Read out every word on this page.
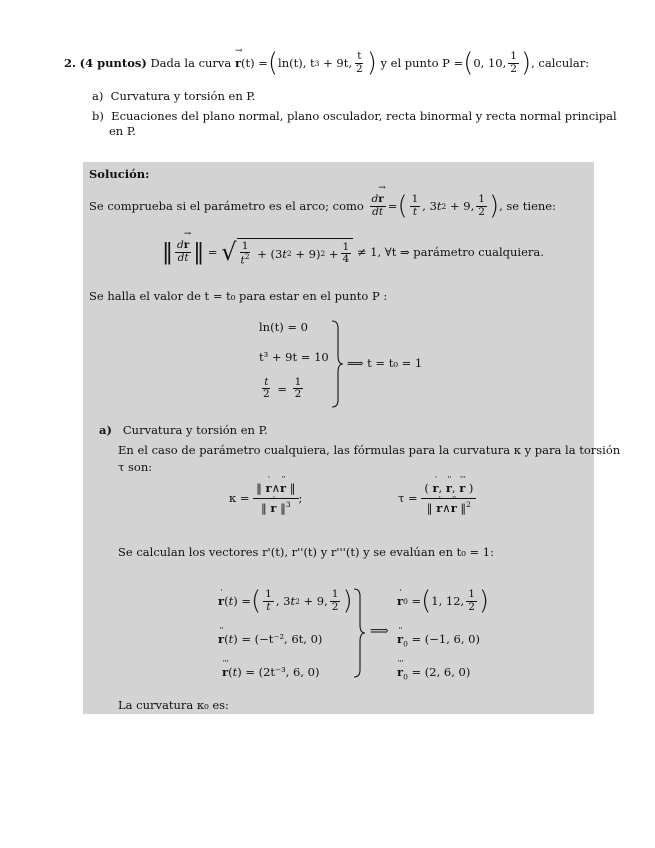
2.
(4 puntos)
Dada la curva

→
r (t) = ( ln(t), t 3
+ 9t, $\frac{t}{2}$ )
y el punto
P = ( 0, 10, $\frac{1}{2}$ ) , calcular:
a) Curvatura y torsión en P.
b) Ecuaciones del plano normal, plano osculador, recta binormal y recta normal principal
en P.
Solución:
Se comprueba si el parámetro es el arco; como
d
→
r
dt = ( $\frac{1}{t}$ , 3 t 2 + 9, $\frac{1}{2}$ ) , se tiene:
‖ d
→
r
dt ‖ = √ $\frac{1}{t^2} + (3$ t 2 + 9) $2 + \frac{1}{4}$
≠ 1, ∀t ⇒ parámetro cualquiera.
Se halla el valor de t = t₀ para estar en el punto P :
ln(t) = 0
t³ + 9t = 10
$\frac{t}{2} = \frac{1}{2}$
⟹ t = t₀ = 1
a) Curvatura y torsión en P.
En el caso de parámetro cualquiera, las fórmulas para la curvatura κ y para la torsión
τ son:
κ =
‖
·
r∧
··
r ‖
‖
·
r ‖$^3$ ;	τ =
(
·
r,
··
r,
···
r )
‖
·
r∧
··
r ‖$^2$
Se calculan los vectores r'(t), r''(t) y r'''(t) y se evalúan en t₀ = 1:
·
r ( t ) = ( $\frac{1}{t}$ , 3 t 2 + 9, $\frac{1}{2}$ )
··
r(t) = (−t⁻², 6t, 0)
···
r(t) = (2t⁻³, 6, 0)
⟹
·
r 0 = ( 1, 12, $\frac{1}{2}$ )
··
$r_0 = (-1$, 6, 0)
···
$r_0 = (2$, 6, 0)
La curvatura κ₀ es:
